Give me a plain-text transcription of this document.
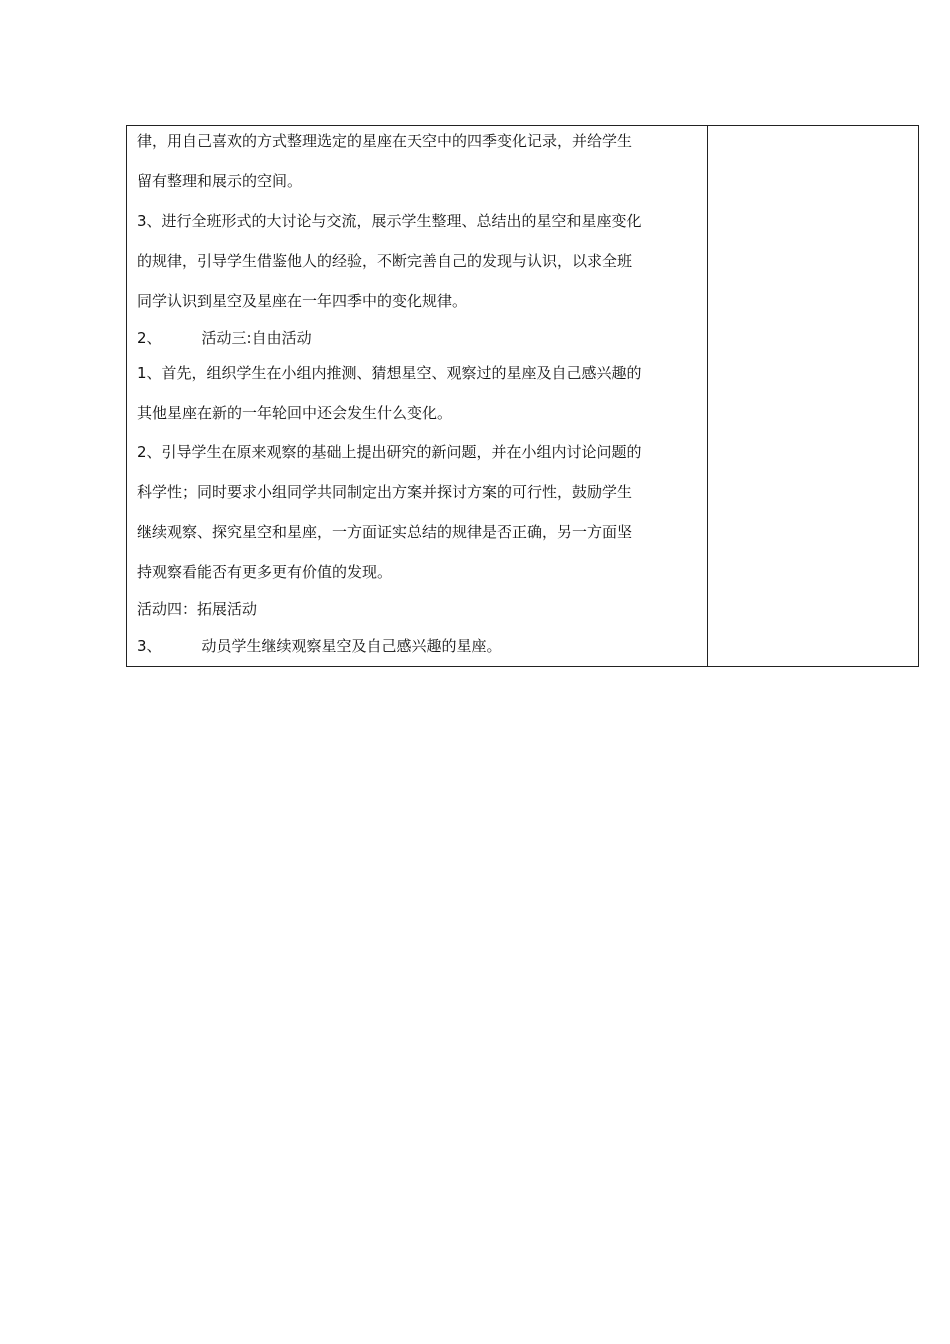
律，用自己喜欢的方式整理选定的星座在天空中的四季变化记录，并给学生
留有整理和展示的空间。
3、进行全班形式的大讨论与交流，展示学生整理、总结出的星空和星座变化
的规律，引导学生借鉴他人的经验，不断完善自己的发现与认识，以求全班
同学认识到星空及星座在一年四季中的变化规律。
2、	活动三:自由活动
1、首先，组织学生在小组内推测、猜想星空、观察过的星座及自己感兴趣的
其他星座在新的一年轮回中还会发生什么变化。
2、引导学生在原来观察的基础上提出研究的新问题，并在小组内讨论问题的
科学性；同时要求小组同学共同制定出方案并探讨方案的可行性，鼓励学生
继续观察、探究星空和星座，一方面证实总结的规律是否正确，另一方面坚
持观察看能否有更多更有价值的发现。
活动四：拓展活动
3、	动员学生继续观察星空及自己感兴趣的星座。
